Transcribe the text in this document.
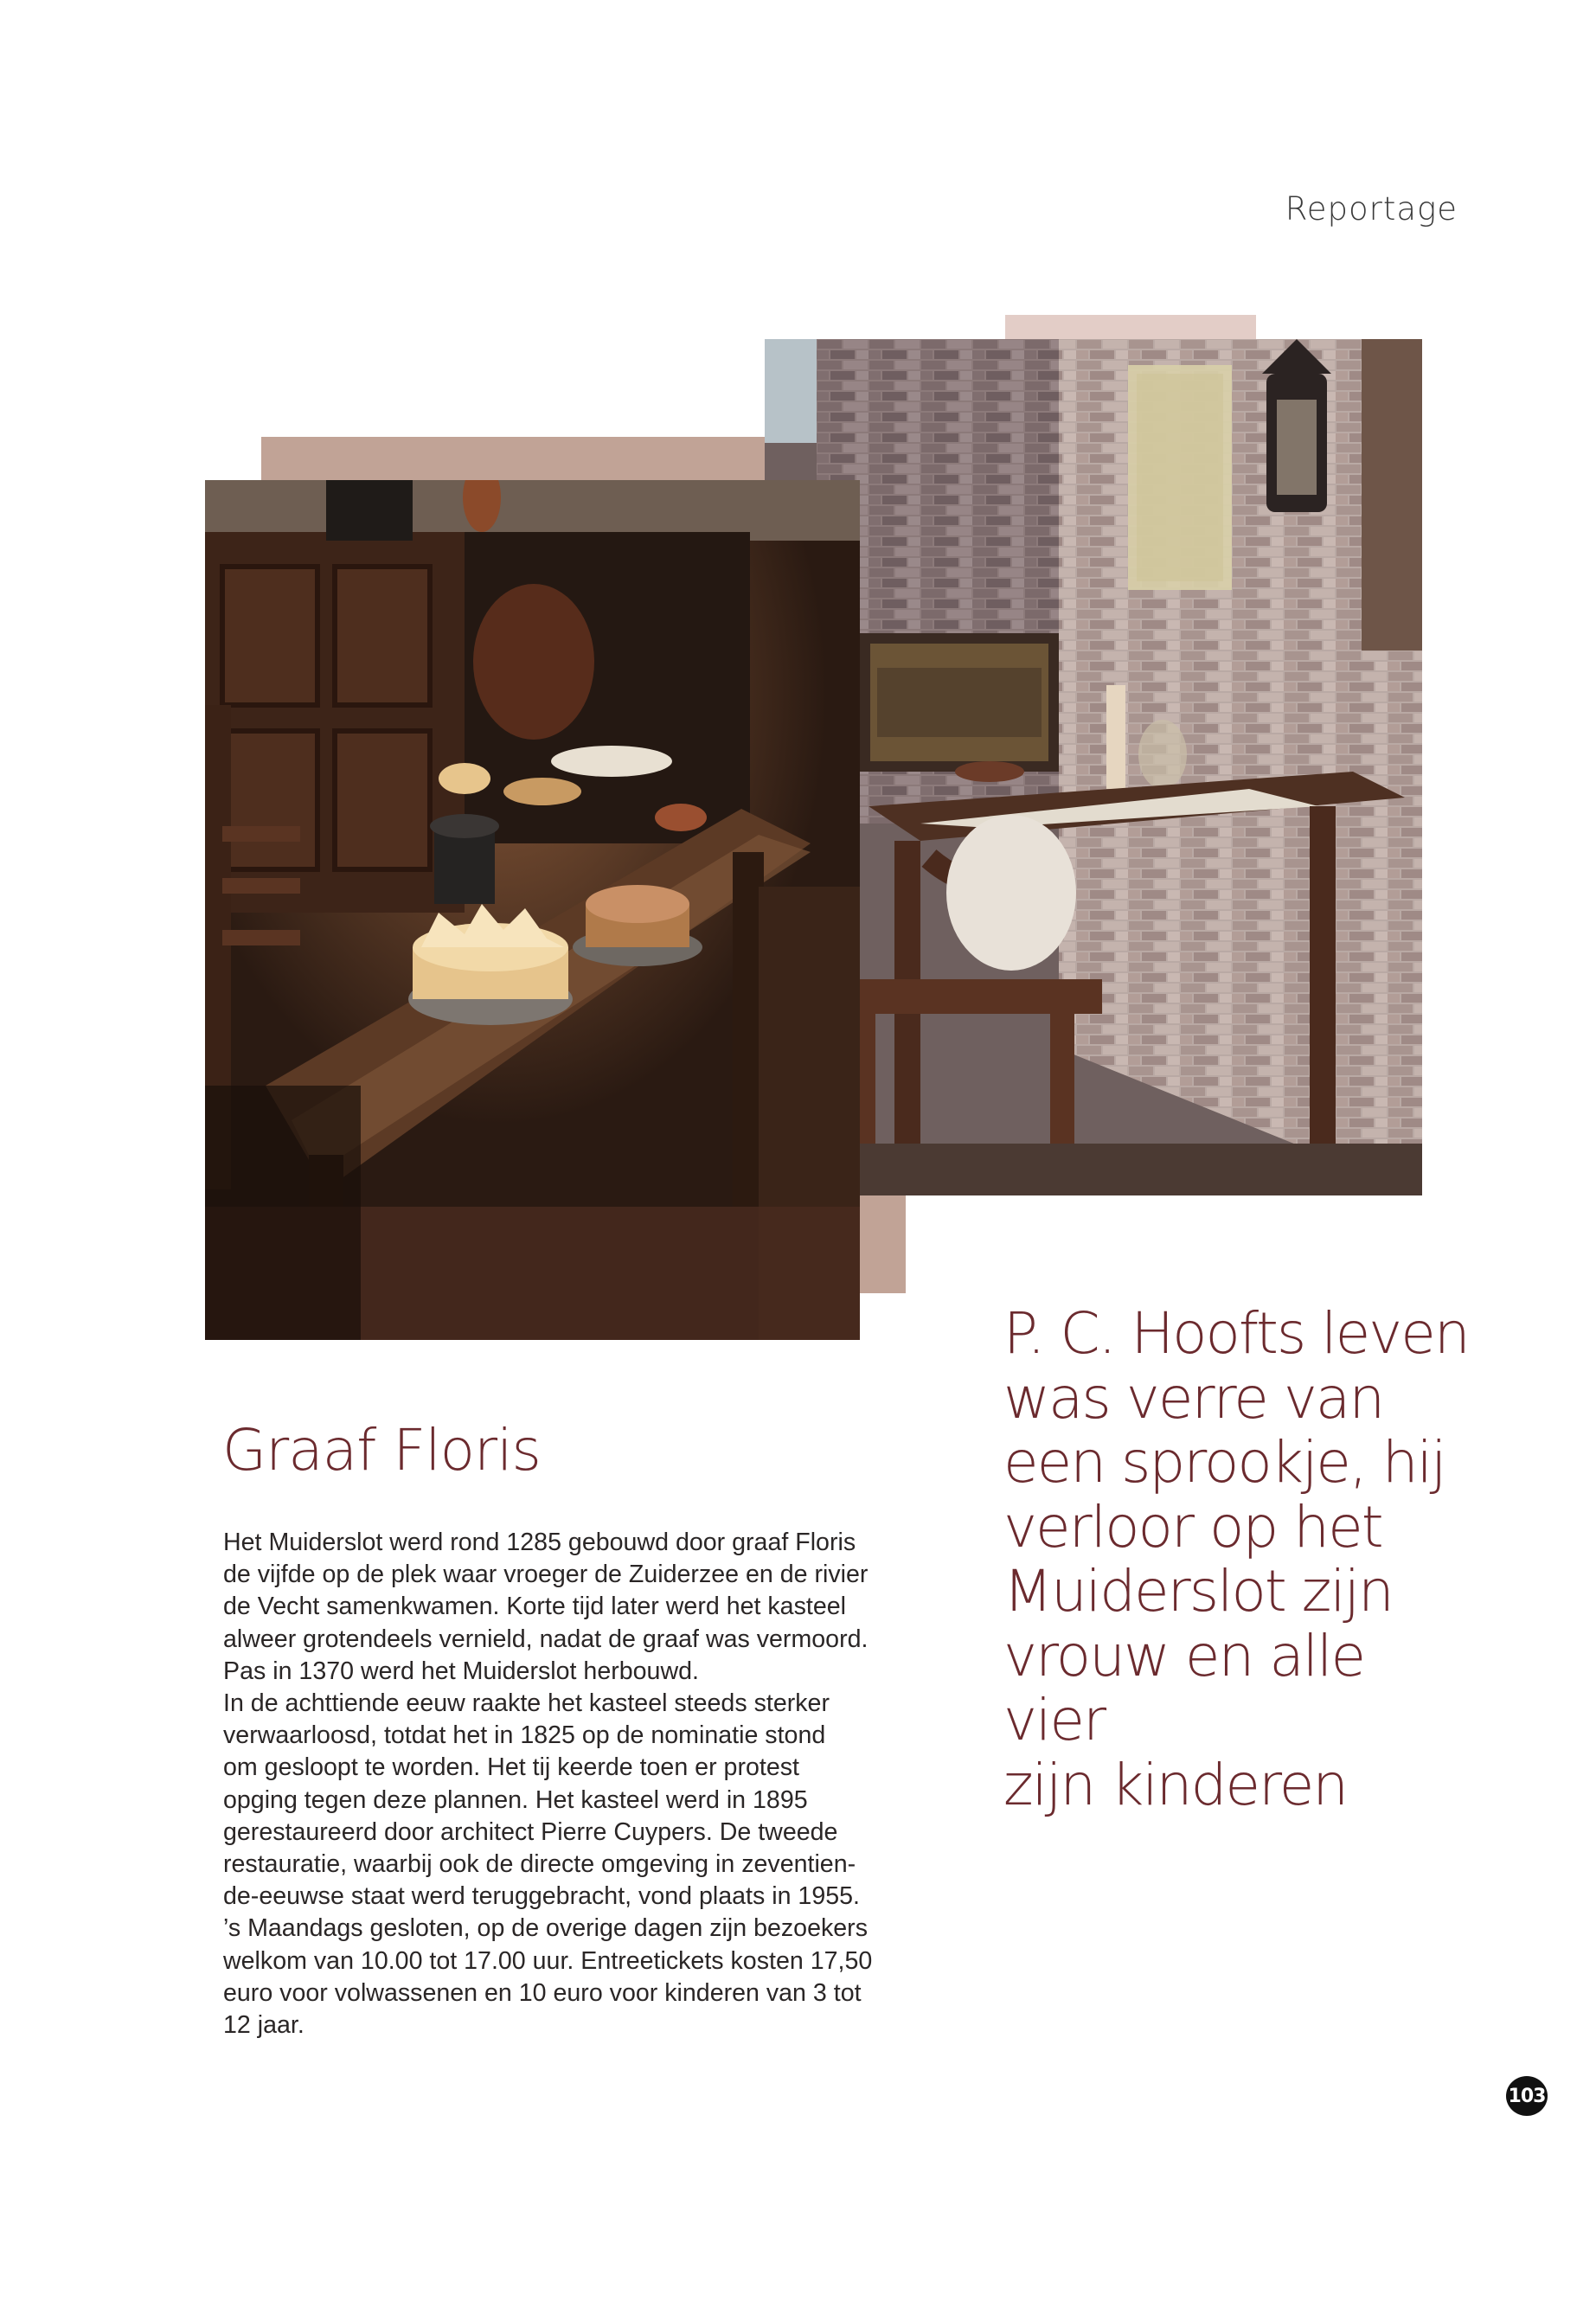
Reportage
Graaf Floris

Het Muiderslot werd rond 1285 gebouwd door graaf Floris
de vijfde op de plek waar vroeger de Zuiderzee en de rivier
de Vecht samenkwamen. Korte tijd later werd het kasteel
alweer grotendeels vernield, nadat de graaf was vermoord.
Pas in 1370 werd het Muiderslot herbouwd.
In de achttiende eeuw raakte het kasteel steeds sterker
verwaarloosd, totdat het in 1825 op de nominatie stond
om gesloopt te worden. Het tij keerde toen er protest
opging tegen deze plannen. Het kasteel werd in 1895
gerestaureerd door architect Pierre Cuypers. De tweede
restauratie, waarbij ook de directe omgeving in zeventien-
de-eeuwse staat werd teruggebracht, vond plaats in 1955.
’s Maandags gesloten, op de overige dagen zijn bezoekers
welkom van 10.00 tot 17.00 uur. Entreetickets kosten 17,50
euro voor volwassenen en 10 euro voor kinderen van 3 tot
12 jaar.

P. C. Hoofts leven
was verre van
een sprookje, hij
verloor op het
Muiderslot zijn
vrouw en alle vier
zijn kinderen

103
